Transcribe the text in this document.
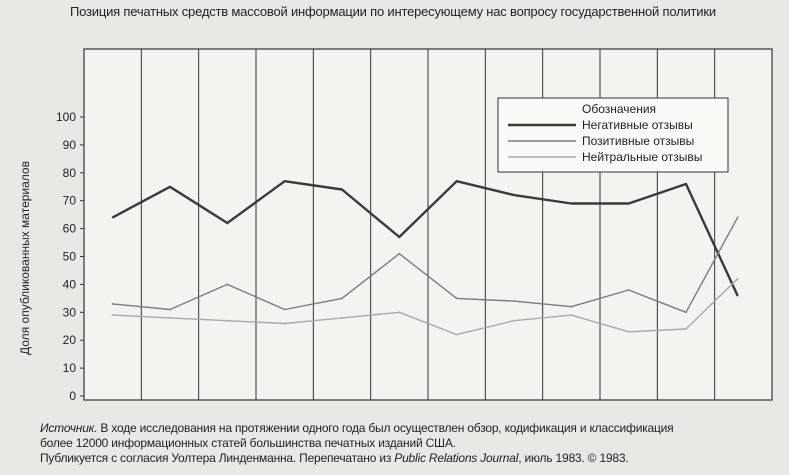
Позиция печатных средств массовой информации по интересующему нас вопросу государственной политики
Доля опубликованных материалов
0
10
20
30
40
50
60
70
80
90
100
Обозначения
Негативные отзывы
Позитивные отзывы
Нейтральные отзывы
Источник. В ходе исследования на протяжении одного года был осуществлен обзор, кодификация и классификация
более 12000 информационных статей большинства печатных изданий США.
Публикуется с согласия Уолтера Линденманна. Перепечатано из Public Relations Journal, июль 1983. © 1983.
